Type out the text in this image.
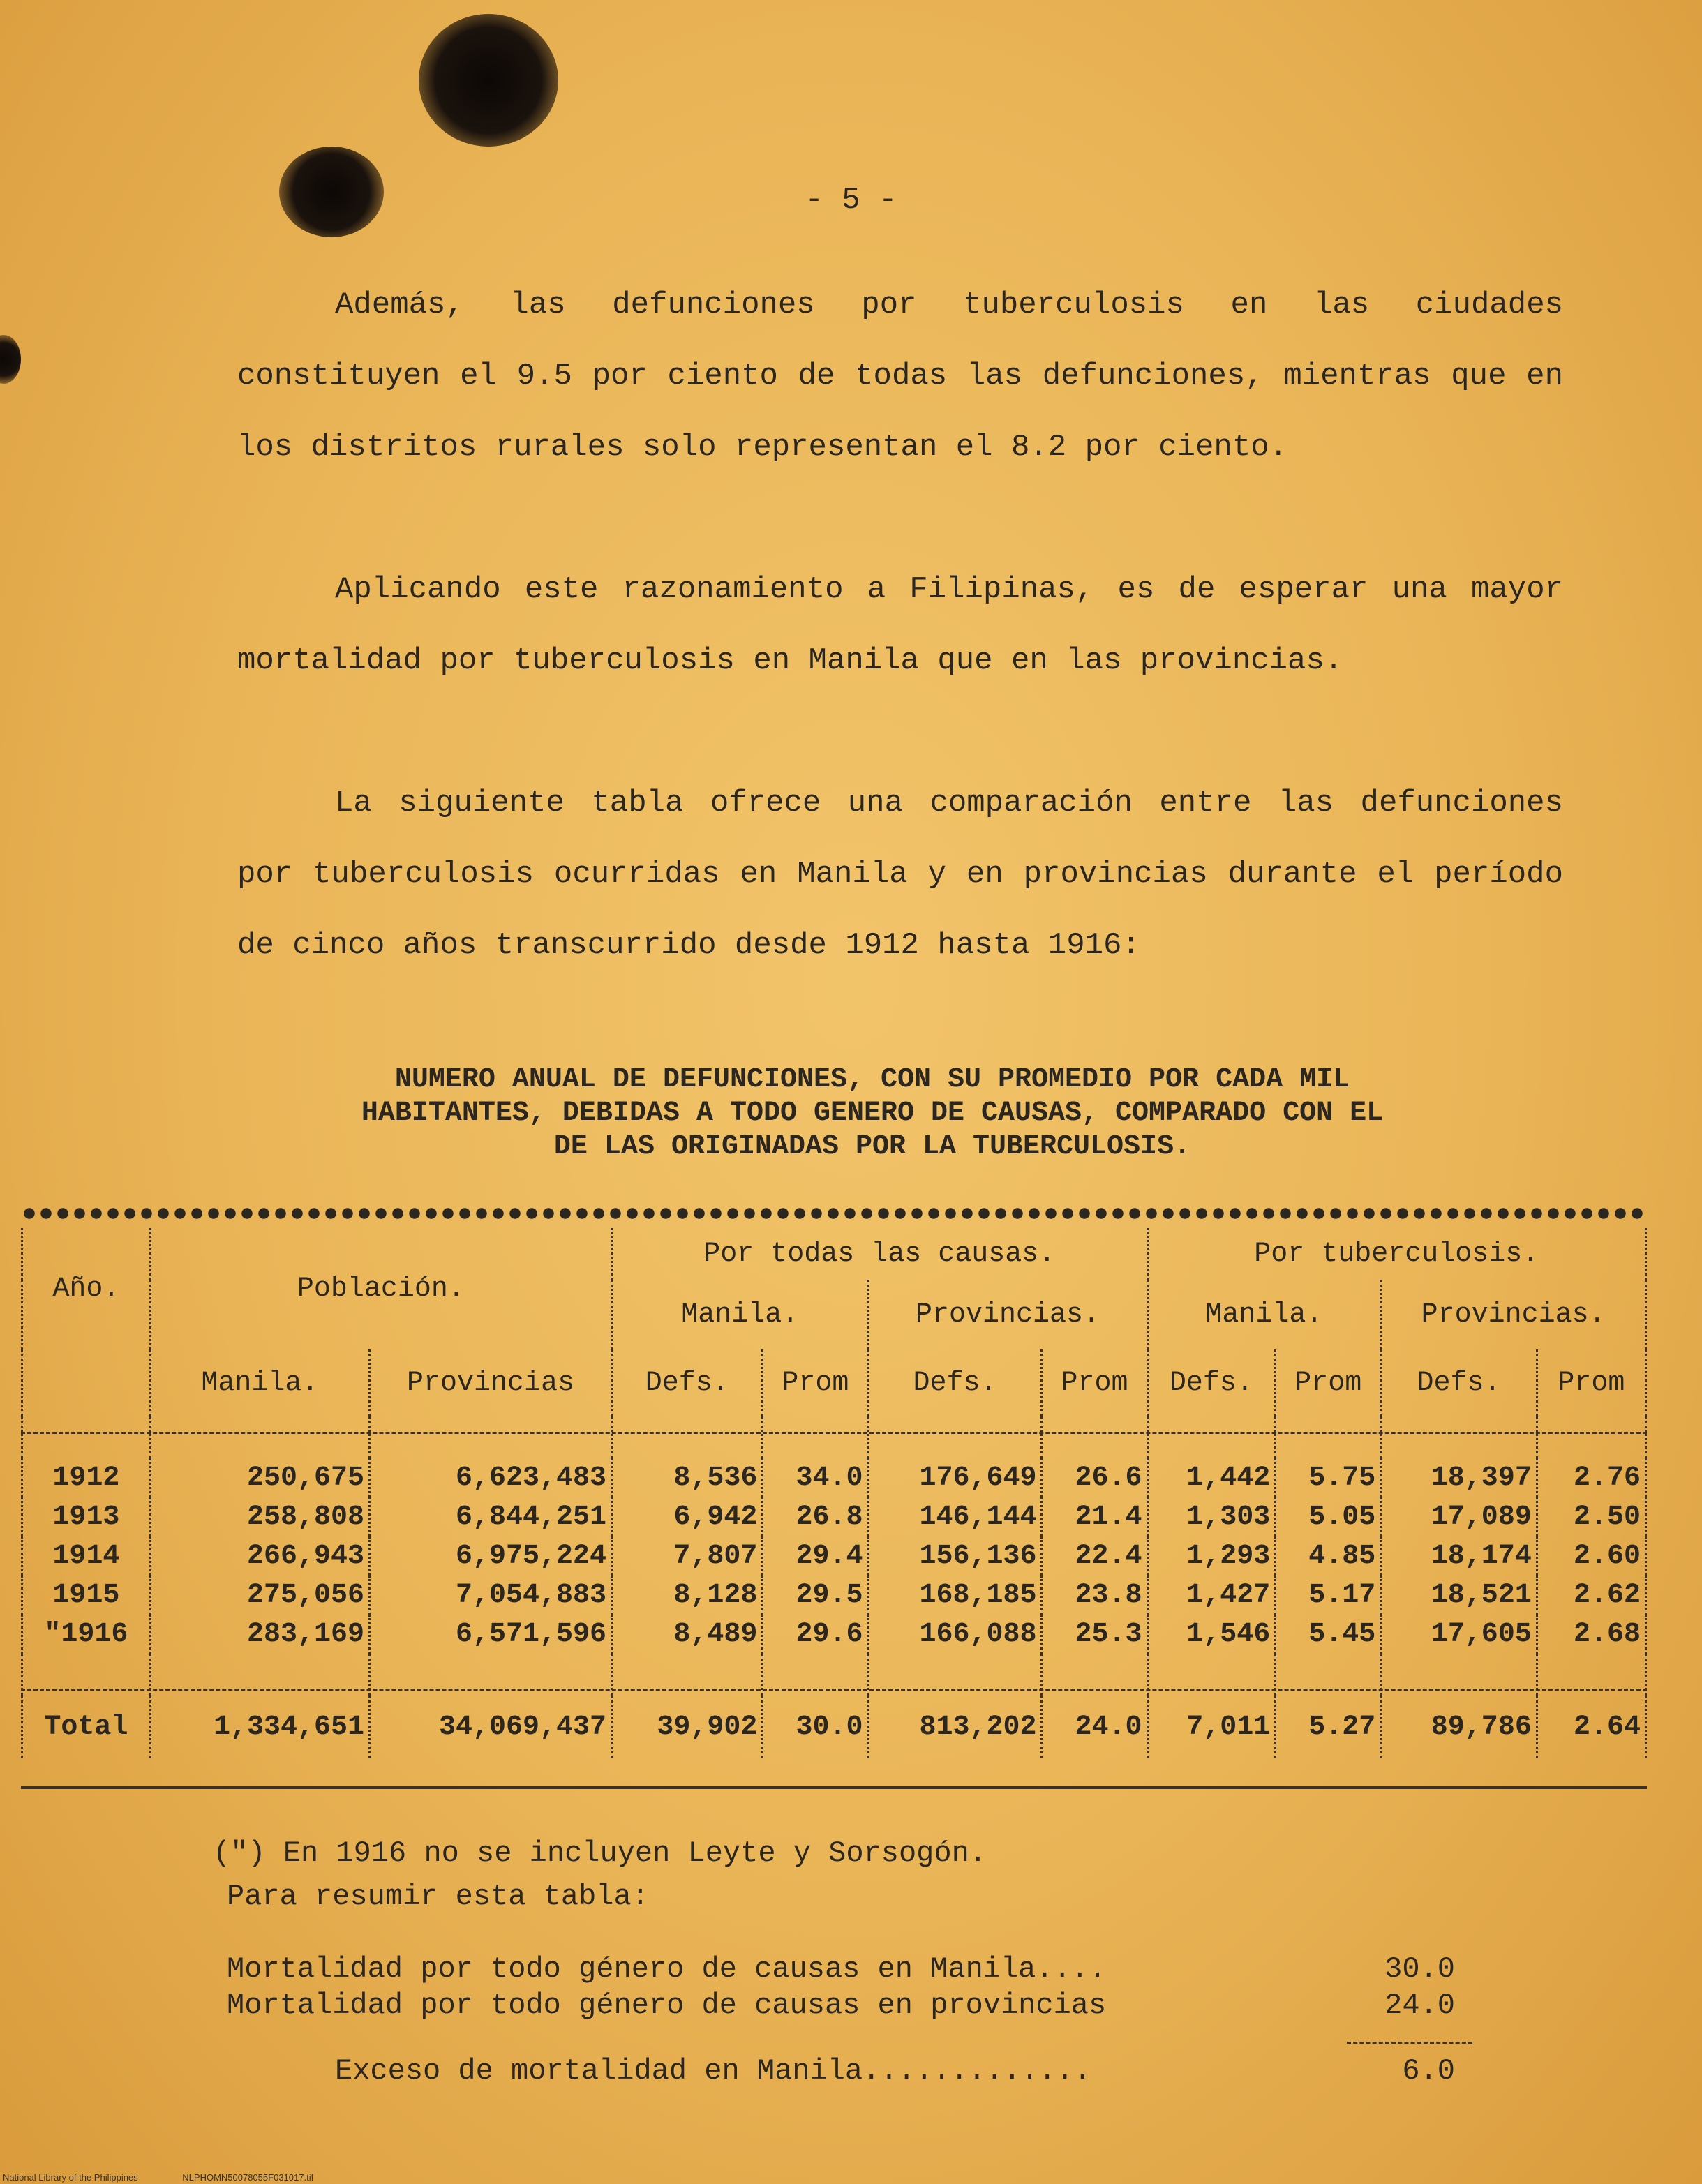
- 5 -

Además, las defunciones por tuberculosis en las ciudades constituyen el 9.5 por ciento de todas las defunciones, mientras que en los distritos rurales solo representan el 8.2 por ciento.

Aplicando este razonamiento a Filipinas, es de esperar una mayor mortalidad por tuberculosis en Manila que en las provincias.

La siguiente tabla ofrece una comparación entre las defunciones por tuberculosis ocurridas en Manila y en provincias durante el período de cinco años transcurrido desde 1912 hasta 1916:

NUMERO ANUAL DE DEFUNCIONES, CON SU PROMEDIO POR CADA MIL
HABITANTES, DEBIDAS A TODO GENERO DE CAUSAS, COMPARADO CON EL
DE LAS ORIGINADAS POR LA TUBERCULOSIS.
Año.	Población.		Por todas las causas.				Por tuberculosis.			
			Manila.		Provincias.		Manila.		Provincias.	
	Manila.	Provincias	Defs.	Prom	Defs.	Prom	Defs.	Prom	Defs.	Prom

1912	250,675	6,623,483	8,536	34.0	176,649	26.6	1,442	5.75	18,397	2.76
1913	258,808	6,844,251	6,942	26.8	146,144	21.4	1,303	5.05	17,089	2.50
1914	266,943	6,975,224	7,807	29.4	156,136	22.4	1,293	4.85	18,174	2.60
1915	275,056	7,054,883	8,128	29.5	168,185	23.8	1,427	5.17	18,521	2.62
"1916	283,169	6,571,596	8,489	29.6	166,088	25.3	1,546	5.45	17,605	2.68

Total	1,334,651	34,069,437	39,902	30.0	813,202	24.0	7,011	5.27	89,786	2.64
(") En 1916 no se incluyen Leyte y Sorsogón.
Para resumir esta tabla:
Mortalidad por todo género de causas en Manila....	30.0
Mortalidad por todo género de causas en provincias	24.0
Exceso de mortalidad en Manila.............	6.0
National Library of the Philippines	NLPHOMN50078055F031017.tif
